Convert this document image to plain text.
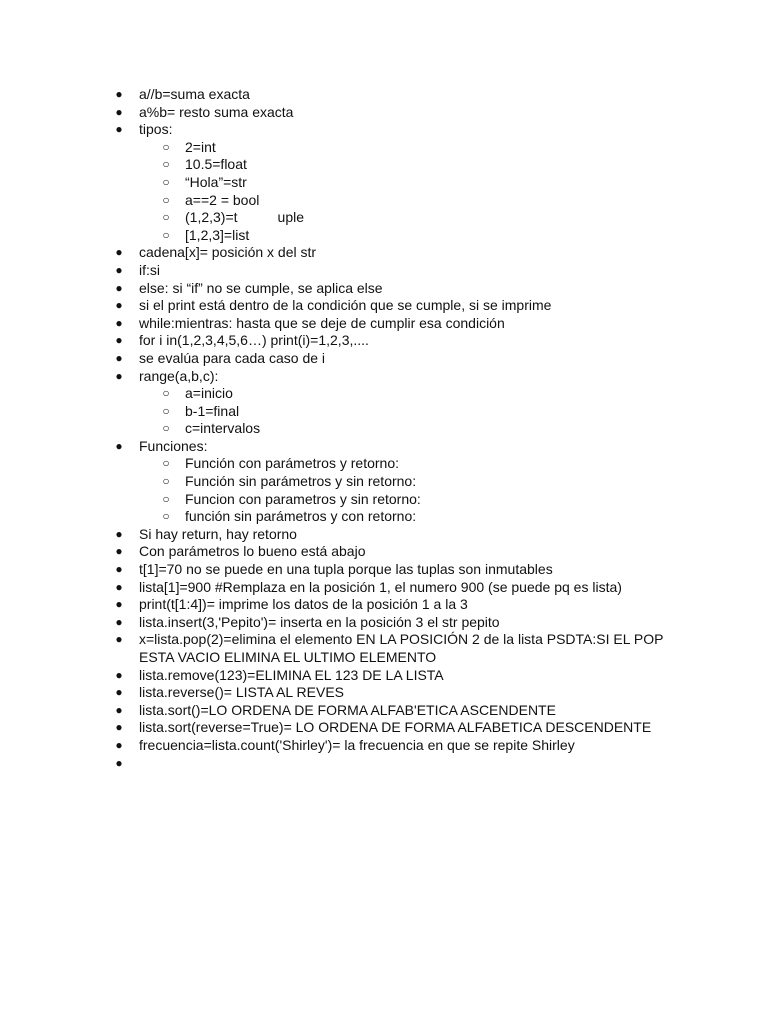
● a//b=suma exacta
● a%b= resto suma exacta
● tipos:
○ 2=int
○ 10.5=float
○ “Hola”=str
○ a==2 = bool
○ (1,2,3)=t	uple
○ [1,2,3]=list
● cadena[x]= posición x del str
● if:si
● else: si “if” no se cumple, se aplica else
● si el print está dentro de la condición que se cumple, si se imprime
● while:mientras: hasta que se deje de cumplir esa condición
● for i in(1,2,3,4,5,6…) print(i)=1,2,3,....
● se evalúa para cada caso de i
● range(a,b,c):
○ a=inicio
○ b-1=final
○ c=intervalos
● Funciones:
○ Función con parámetros y retorno:
○ Función sin parámetros y sin retorno:
○ Funcion con parametros y sin retorno:
○ función sin parámetros y con retorno:
● Si hay return, hay retorno
● Con parámetros lo bueno está abajo
● t[1]=70 no se puede en una tupla porque las tuplas son inmutables
● lista[1]=900 #Remplaza en la posición 1, el numero 900 (se puede pq es lista)
● print(t[1:4])= imprime los datos de la posición 1 a la 3
● lista.insert(3,'Pepito')= inserta en la posición 3 el str pepito
● x=lista.pop(2)=elimina el elemento EN LA POSICIÓN 2 de la lista PSDTA:SI EL POP
ESTA VACIO ELIMINA EL ULTIMO ELEMENTO
● lista.remove(123)=ELIMINA EL 123 DE LA LISTA
● lista.reverse()= LISTA AL REVES
● lista.sort()=LO ORDENA DE FORMA ALFAB'ETICA ASCENDENTE
● lista.sort(reverse=True)= LO ORDENA DE FORMA ALFABETICA DESCENDENTE
● frecuencia=lista.count('Shirley')= la frecuencia en que se repite Shirley
●
